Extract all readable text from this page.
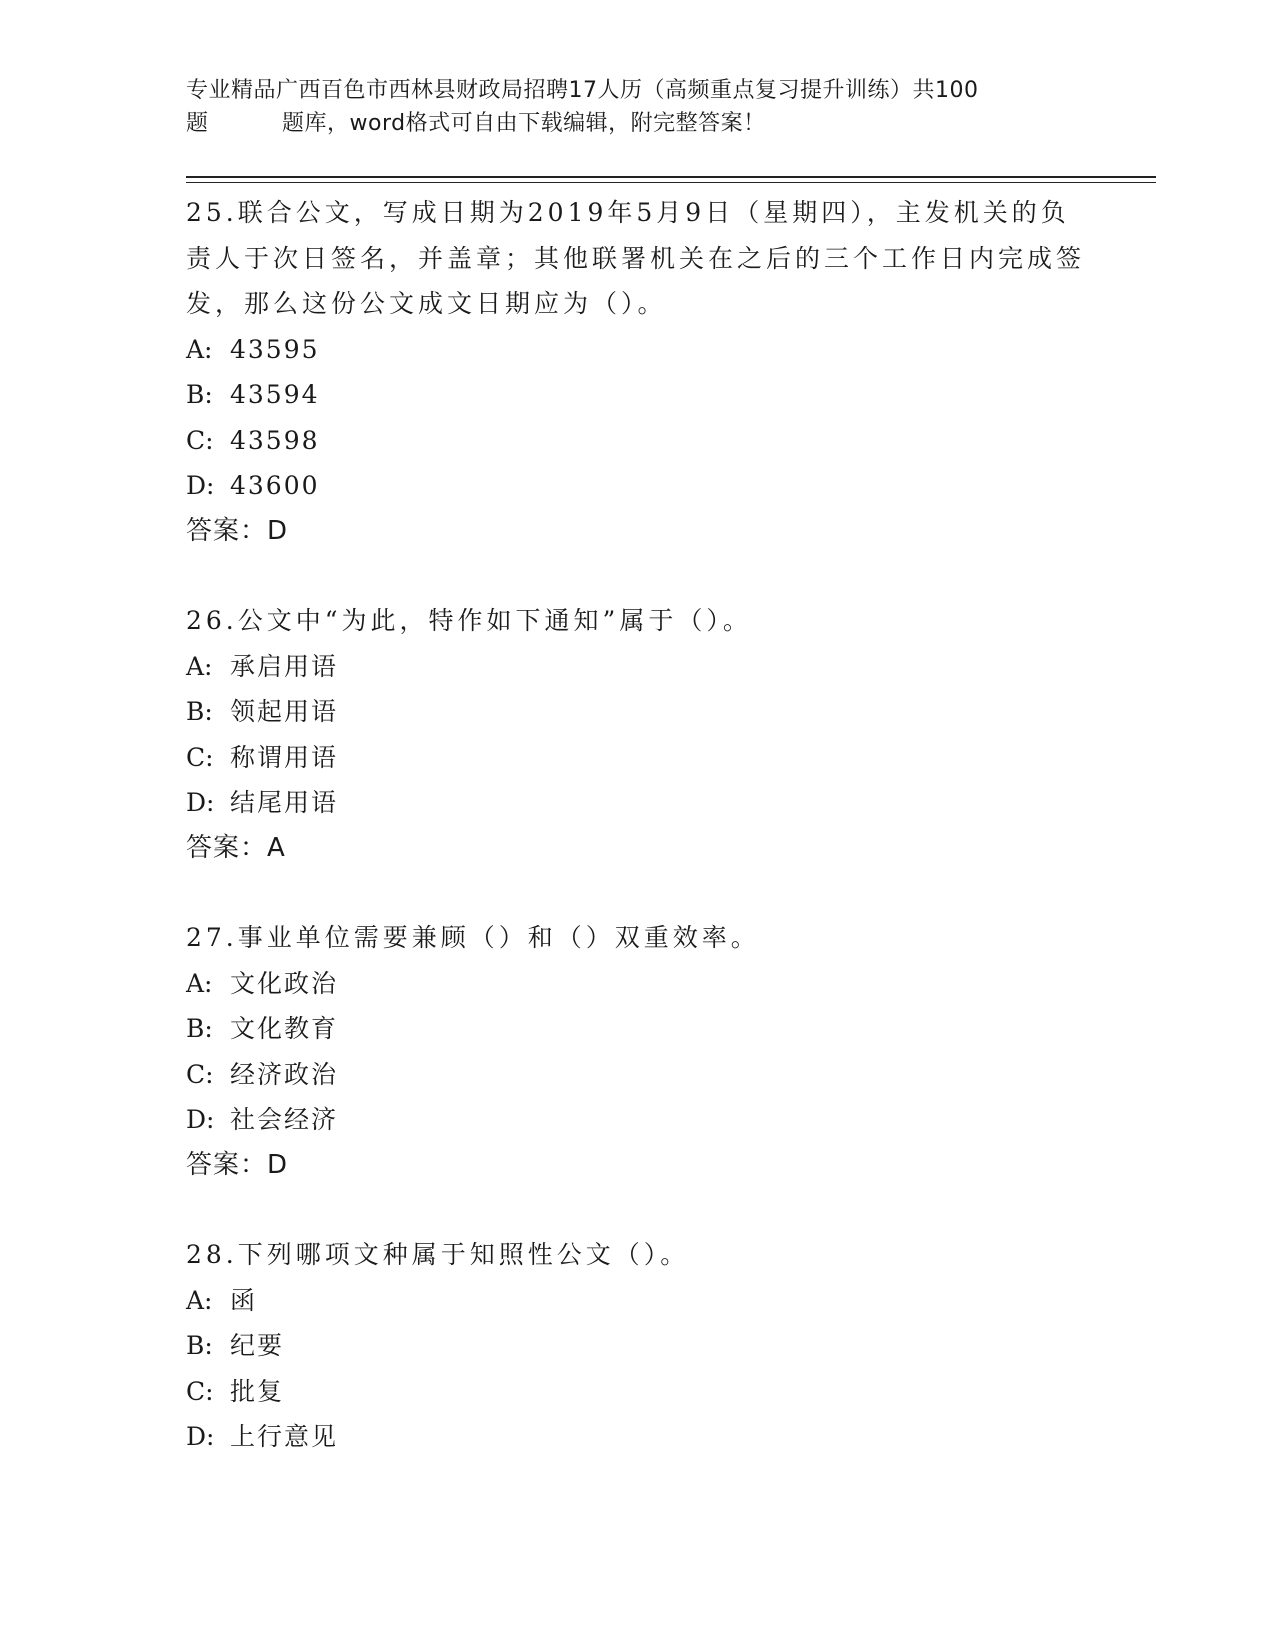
专业精品广西百色市西林县财政局招聘17人历（高频重点复习提升训练）共100
题	题库，word格式可自由下载编辑，附完整答案！

25.联合公文，写成日期为2019年5月9日（星期四），主发机关的负责人于次日签名，并盖章；其他联署机关在之后的三个工作日内完成签发，那么这份公文成文日期应为（）。

A: 43595

B: 43594

C: 43598

D: 43600

答案：D

26.公文中“为此，特作如下通知”属于（）。

A: 承启用语

B: 领起用语

C: 称谓用语

D: 结尾用语

答案：A

27.事业单位需要兼顾（）和（）双重效率。

A: 文化政治

B: 文化教育

C: 经济政治

D: 社会经济

答案：D

28.下列哪项文种属于知照性公文（）。

A: 函

B: 纪要

C: 批复

D: 上行意见
